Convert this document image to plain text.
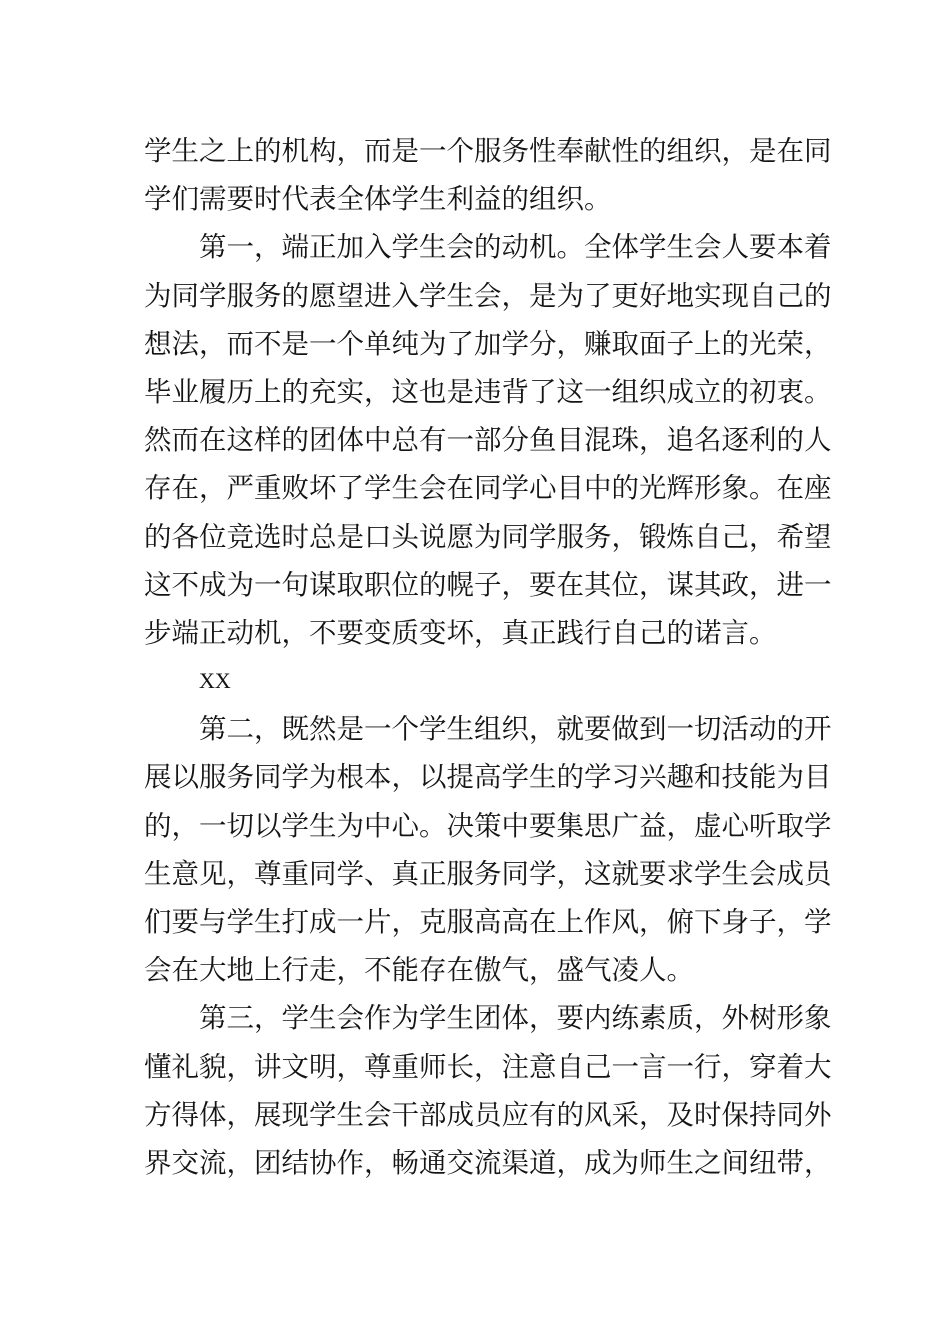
学生之上的机构，而是一个服务性奉献性的组织，是在同
学们需要时代表全体学生利益的组织。
第一，端正加入学生会的动机。全体学生会人要本着
为同学服务的愿望进入学生会，是为了更好地实现自己的
想法，而不是一个单纯为了加学分，赚取面子上的光荣，
毕业履历上的充实，这也是违背了这一组织成立的初衷。
然而在这样的团体中总有一部分鱼目混珠，追名逐利的人
存在，严重败坏了学生会在同学心目中的光辉形象。在座
的各位竞选时总是口头说愿为同学服务，锻炼自己，希望
这不成为一句谋取职位的幌子，要在其位，谋其政，进一
步端正动机，不要变质变坏，真正践行自己的诺言。
XX
第二，既然是一个学生组织，就要做到一切活动的开
展以服务同学为根本，以提高学生的学习兴趣和技能为目
的，一切以学生为中心。决策中要集思广益，虚心听取学
生意见，尊重同学、真正服务同学，这就要求学生会成员
们要与学生打成一片，克服高高在上作风，俯下身子，学
会在大地上行走，不能存在傲气，盛气凌人。
第三，学生会作为学生团体，要内练素质，外树形象
懂礼貌，讲文明，尊重师长，注意自己一言一行，穿着大
方得体，展现学生会干部成员应有的风采，及时保持同外
界交流，团结协作，畅通交流渠道，成为师生之间纽带，
